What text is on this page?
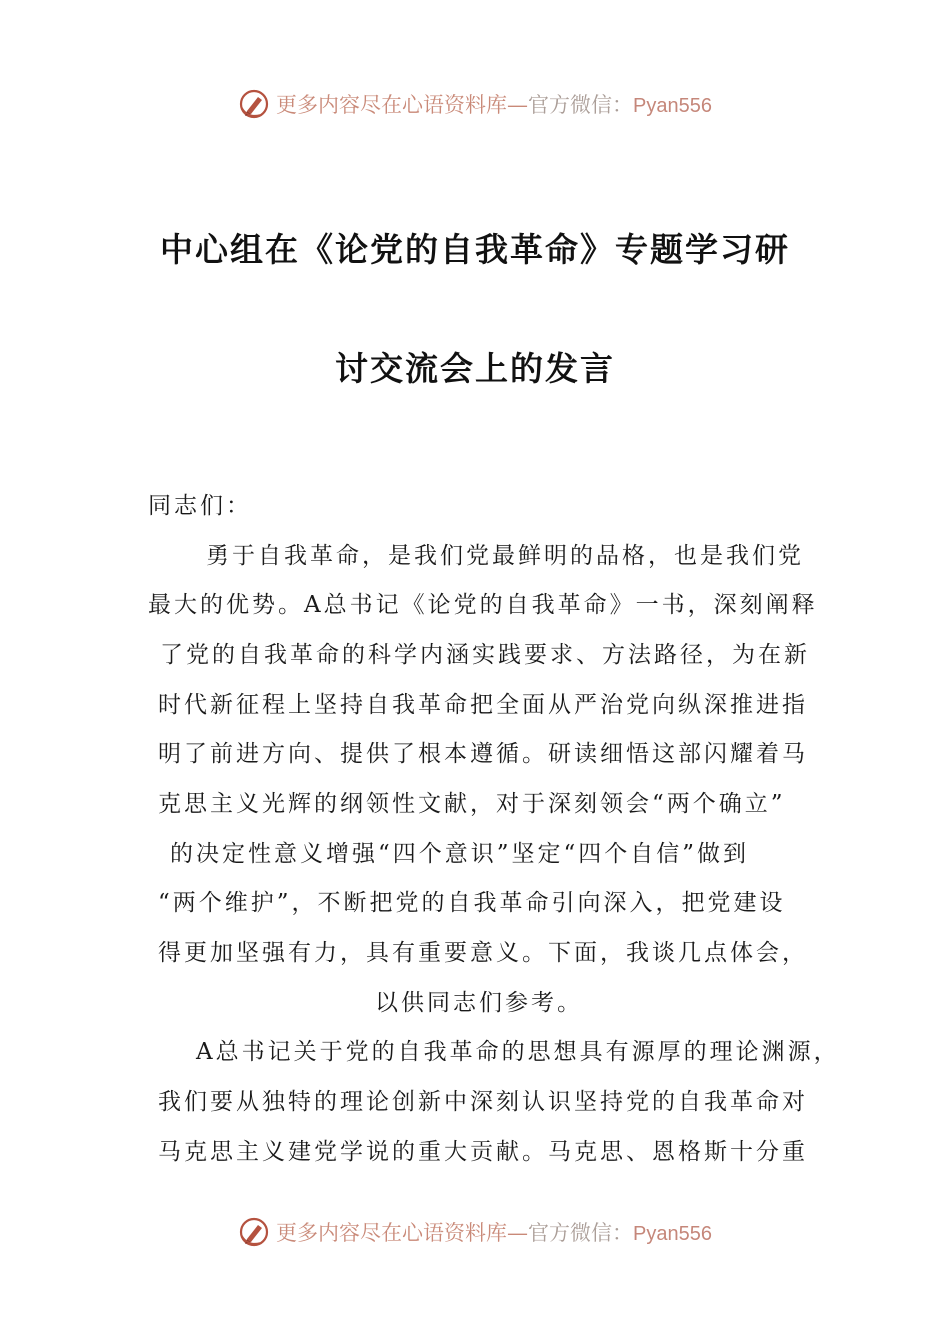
更多内容尽在心语资料库—官方微信：Pyan556
中心组在《论党的自我革命》专题学习研
讨交流会上的发言
同志们：
勇于自我革命，是我们党最鲜明的品格，也是我们党
最大的优势。A总书记《论党的自我革命》一书，深刻阐释
了党的自我革命的科学内涵实践要求、方法路径，为在新
时代新征程上坚持自我革命把全面从严治党向纵深推进指
明了前进方向、提供了根本遵循。研读细悟这部闪耀着马
克思主义光辉的纲领性文献，对于深刻领会“两个确立”
的决定性意义增强“四个意识”坚定“四个自信”做到
“两个维护”，不断把党的自我革命引向深入，把党建设
得更加坚强有力，具有重要意义。下面，我谈几点体会，
以供同志们参考。
A总书记关于党的自我革命的思想具有源厚的理论渊源，
我们要从独特的理论创新中深刻认识坚持党的自我革命对
马克思主义建党学说的重大贡献。马克思、恩格斯十分重
更多内容尽在心语资料库—官方微信：Pyan556
